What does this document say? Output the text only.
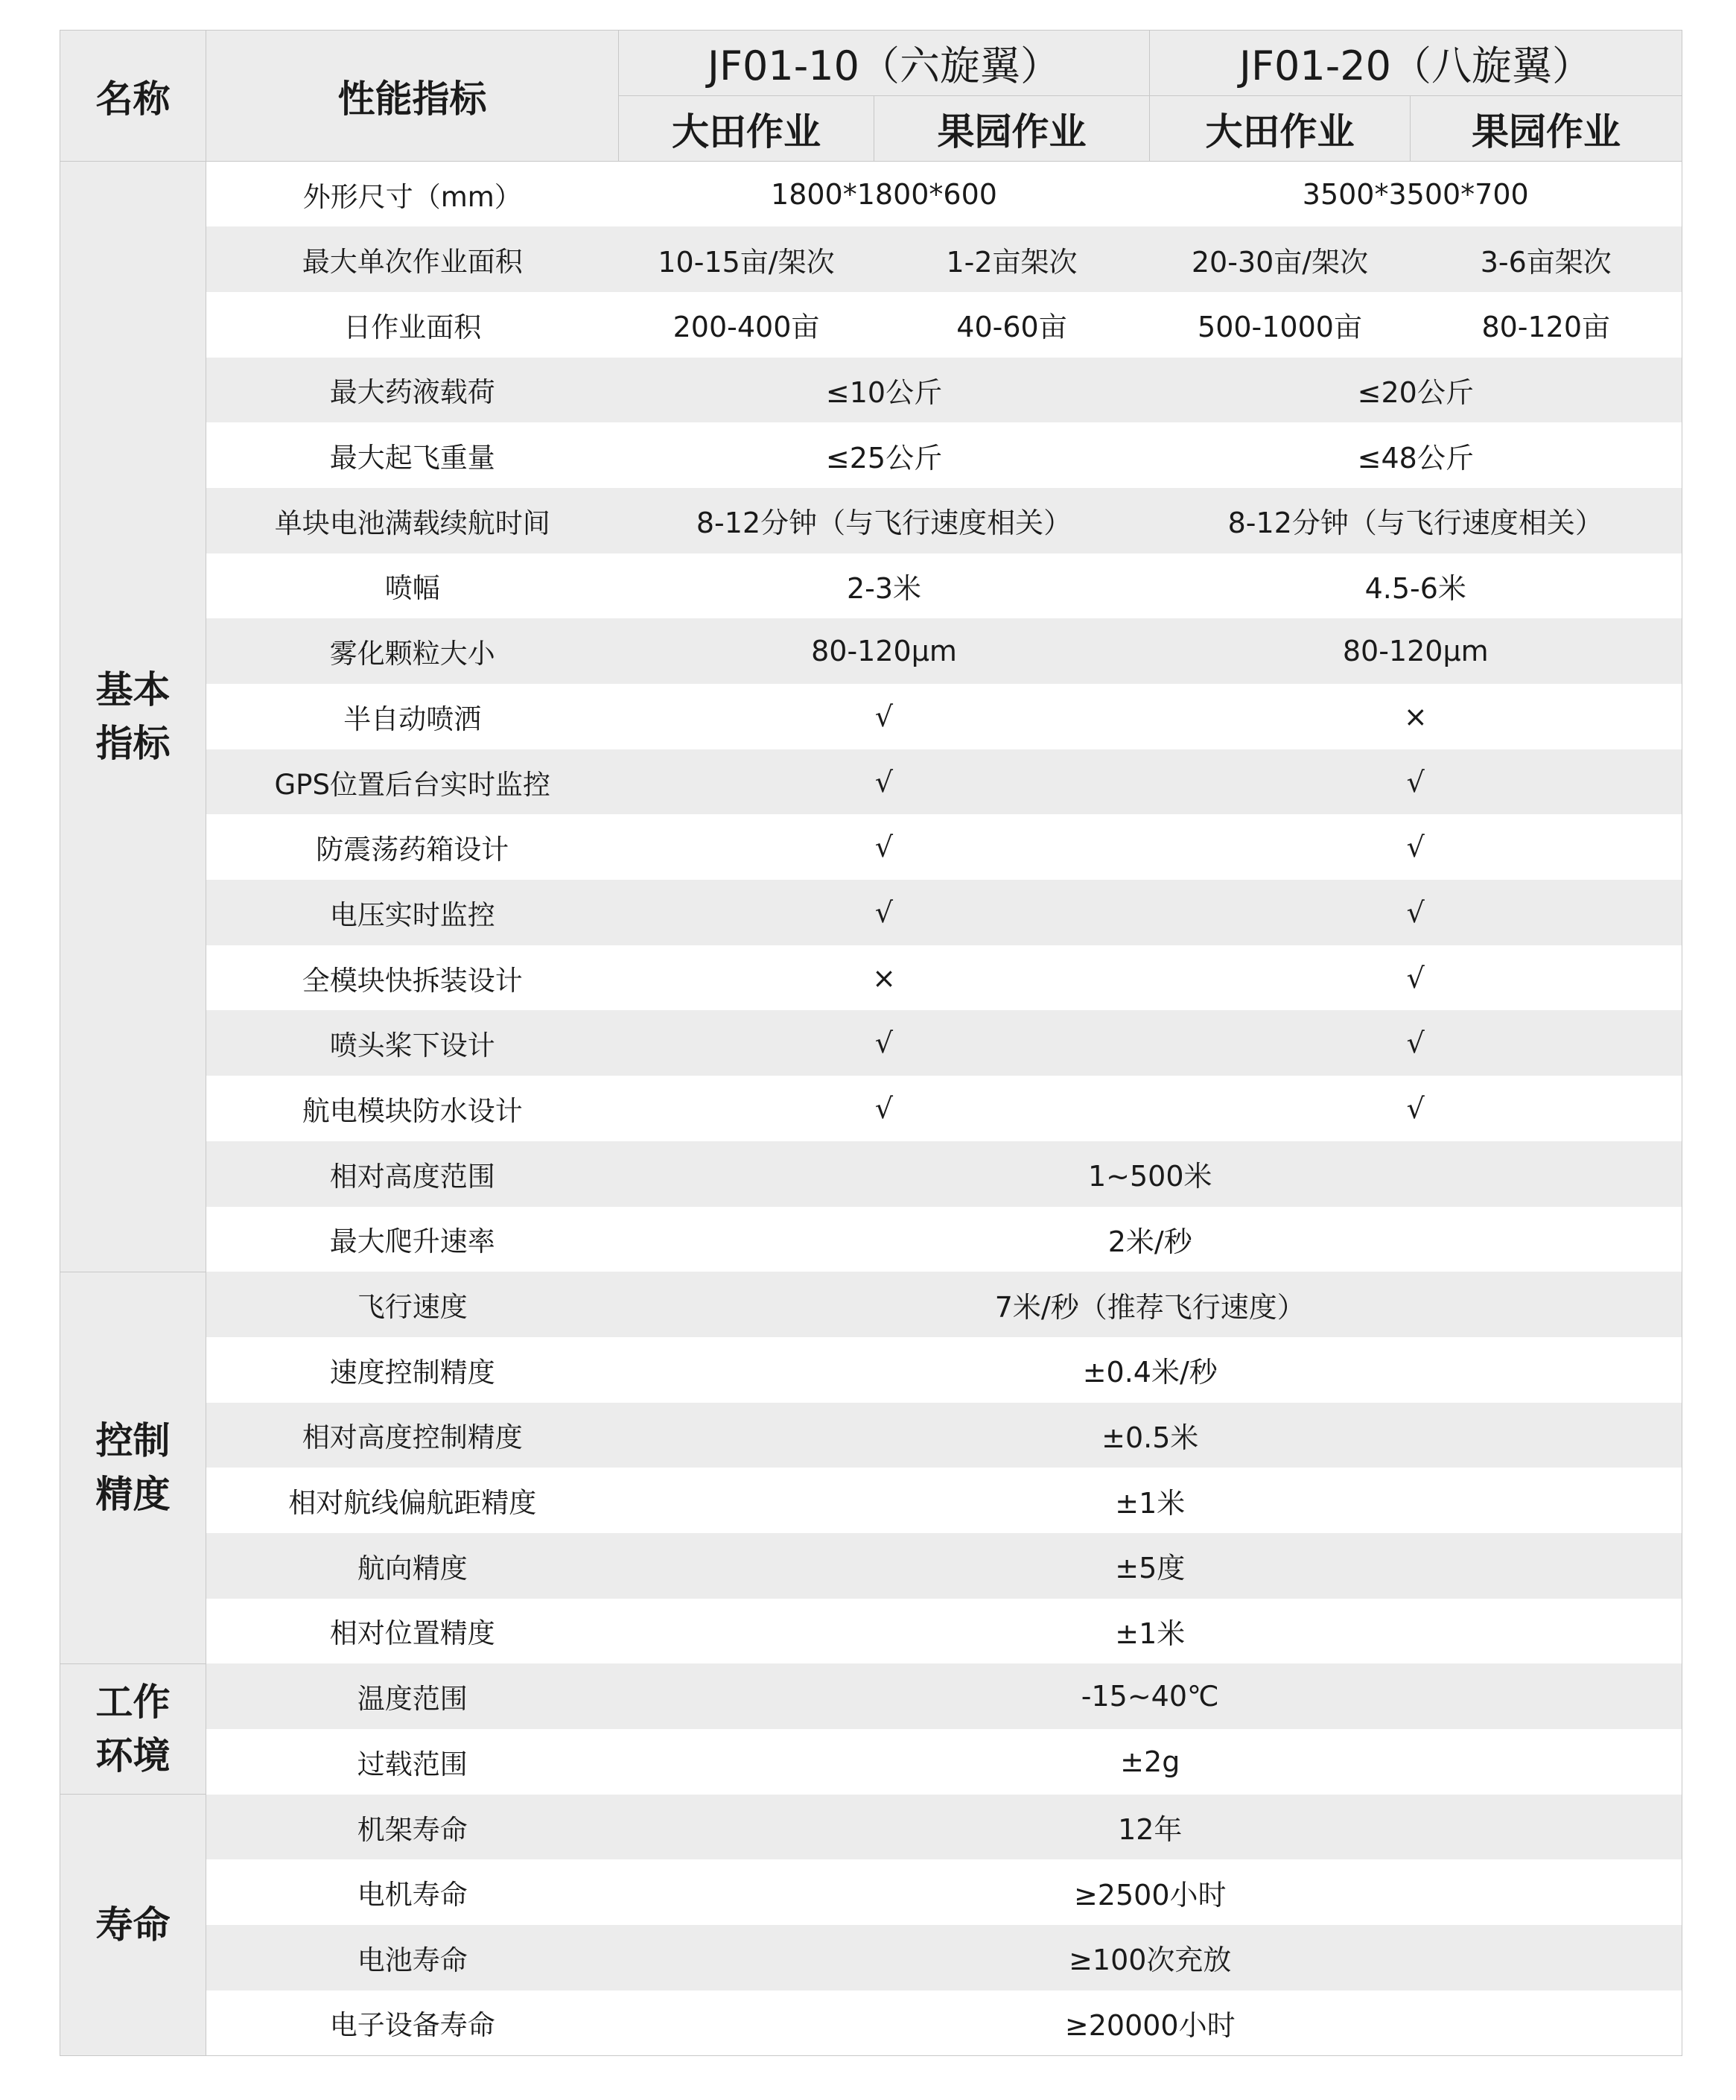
名称	性能指标	JF01-10（六旋翼）		JF01-20（八旋翼）	
		大田作业	果园作业	大田作业	果园作业
基本
指标	外形尺寸（mm）	1800*1800*600		3500*3500*700	
	最大单次作业面积	10-15亩/架次	1-2亩架次	20-30亩/架次	3-6亩架次
	日作业面积	200-400亩	40-60亩	500-1000亩	80-120亩
	最大药液载荷	≤10公斤		≤20公斤	
	最大起飞重量	≤25公斤		≤48公斤	
	单块电池满载续航时间	8-12分钟（与飞行速度相关）		8-12分钟（与飞行速度相关）	
	喷幅	2-3米		4.5-6米	
	雾化颗粒大小	80-120μm		80-120μm	
	半自动喷洒	√		×	
	GPS位置后台实时监控	√		√	
	防震荡药箱设计	√		√	
	电压实时监控	√		√	
	全模块快拆装设计	×		√	
	喷头桨下设计	√		√	
	航电模块防水设计	√		√	
	相对高度范围	1~500米			
	最大爬升速率	2米/秒			
控制
精度	飞行速度	7米/秒（推荐飞行速度）			
	速度控制精度	±0.4米/秒			
	相对高度控制精度	±0.5米			
	相对航线偏航距精度	±1米			
	航向精度	±5度			
	相对位置精度	±1米			
工作
环境	温度范围	-15~40℃			
	过载范围	±2g			
寿命	机架寿命	12年			
	电机寿命	≥2500小时			
	电池寿命	≥100次充放			
	电子设备寿命	≥20000小时			
